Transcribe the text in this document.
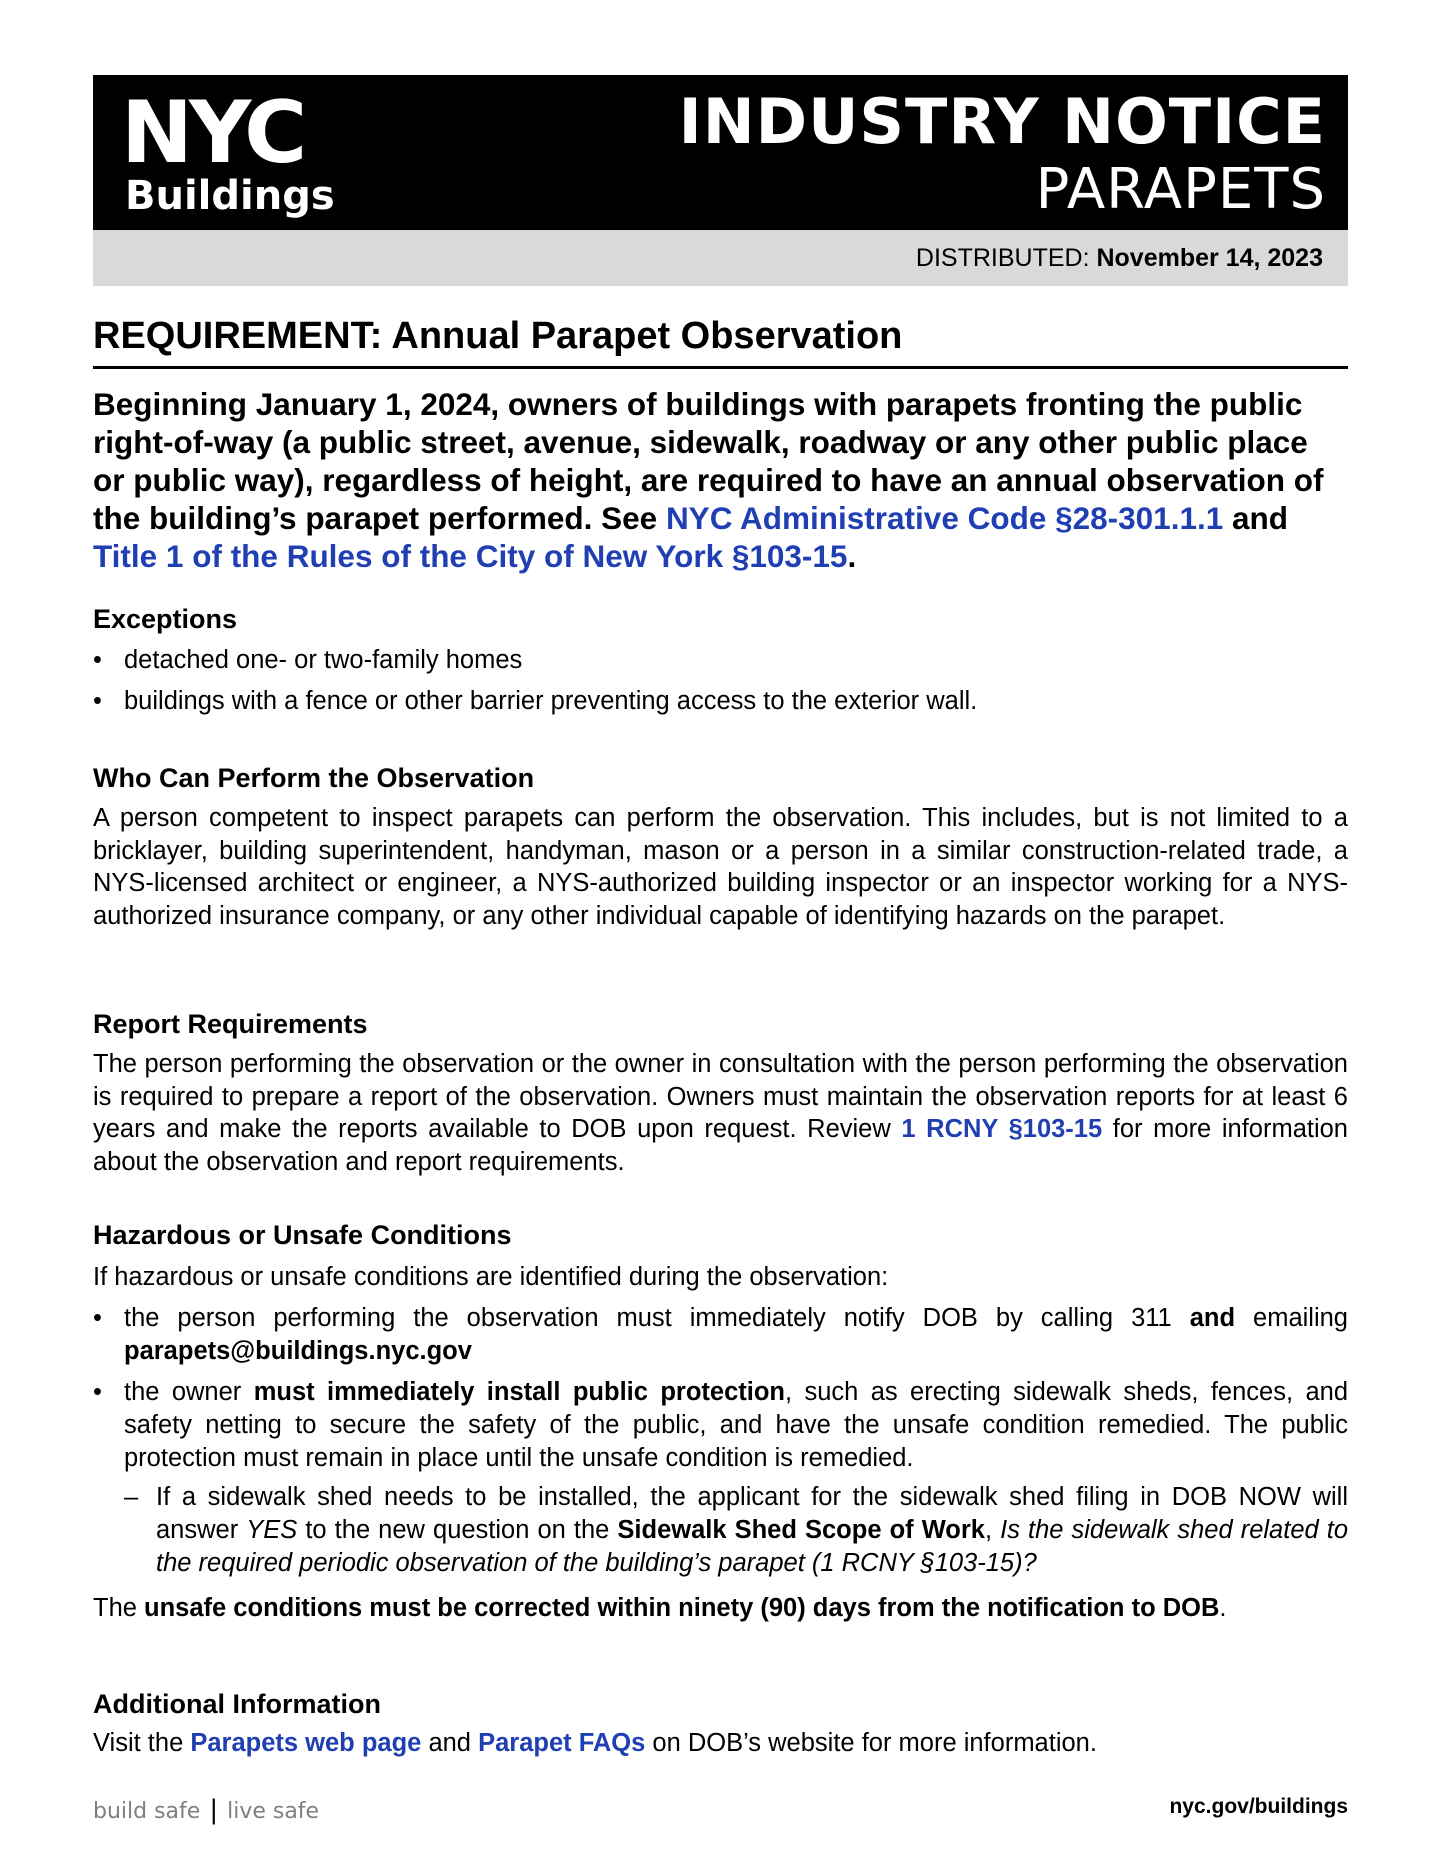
NYC
Buildings
INDUSTRY NOTICE
PARAPETS
DISTRIBUTED: November 14, 2023
REQUIREMENT: Annual Parapet Observation
Beginning January 1, 2024, owners of buildings with parapets fronting the public right-of-way (a public street, avenue, sidewalk, roadway or any other public place or public way), regardless of height, are required to have an annual observation of the building’s parapet performed. See NYC Administrative Code §28-301.1.1 and Title 1 of the Rules of the City of New York §103-15.
Exceptions
• detached one- or two-family homes
• buildings with a fence or other barrier preventing access to the exterior wall.
Who Can Perform the Observation

A person competent to inspect parapets can perform the observation. This includes, but is not limited to a bricklayer, building superintendent, handyman, mason or a person in a similar construction-related trade, a NYS-licensed architect or engineer, a NYS-authorized building inspector or an inspector working for a NYS-authorized insurance company, or any other individual capable of identifying hazards on the parapet.

Report Requirements

The person performing the observation or the owner in consultation with the person performing the observation is required to prepare a report of the observation. Owners must maintain the observation reports for at least 6 years and make the reports available to DOB upon request. Review 1 RCNY §103-15 for more information about the observation and report requirements.

Hazardous or Unsafe Conditions

If hazardous or unsafe conditions are identified during the observation:

• the person performing the observation must immediately notify DOB by calling 311 and emailing parapets@buildings.nyc.gov
• the owner must immediately install public protection, such as erecting sidewalk sheds, fences, and safety netting to secure the safety of the public, and have the unsafe condition remedied. The public protection must remain in place until the unsafe condition is remedied.
– If a sidewalk shed needs to be installed, the applicant for the sidewalk shed filing in DOB NOW will answer YES to the new question on the Sidewalk Shed Scope of Work, Is the sidewalk shed related to the required periodic observation of the building’s parapet (1 RCNY §103-15)?

The unsafe conditions must be corrected within ninety (90) days from the notification to DOB.

Additional Information

Visit the Parapets web page and Parapet FAQs on DOB’s website for more information.

build safe | live safe	nyc.gov/buildings
